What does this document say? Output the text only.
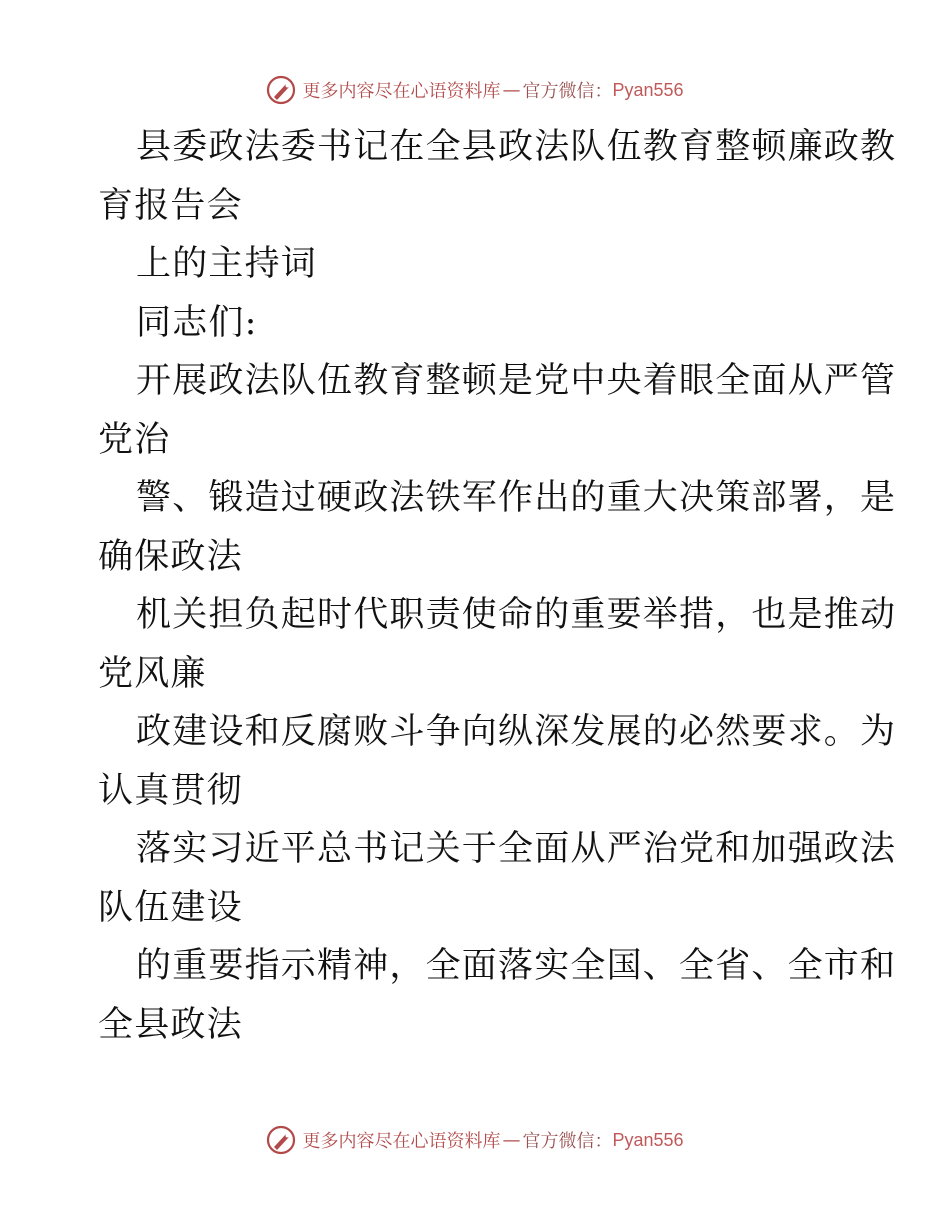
更多内容尽在心语资料库 — 官方微信： Pyan556
县委政法委书记在全县政法队伍教育整顿廉政教
育报告会
上的主持词
同志们:
开展政法队伍教育整顿是党中央着眼全面从严管
党治
警、锻造过硬政法铁军作出的重大决策部署，是
确保政法
机关担负起时代职责使命的重要举措，也是推动
党风廉
政建设和反腐败斗争向纵深发展的必然要求。为
认真贯彻
落实习近平总书记关于全面从严治党和加强政法
队伍建设
的重要指示精神，全面落实全国、全省、全市和
全县政法
更多内容尽在心语资料库 — 官方微信： Pyan556
